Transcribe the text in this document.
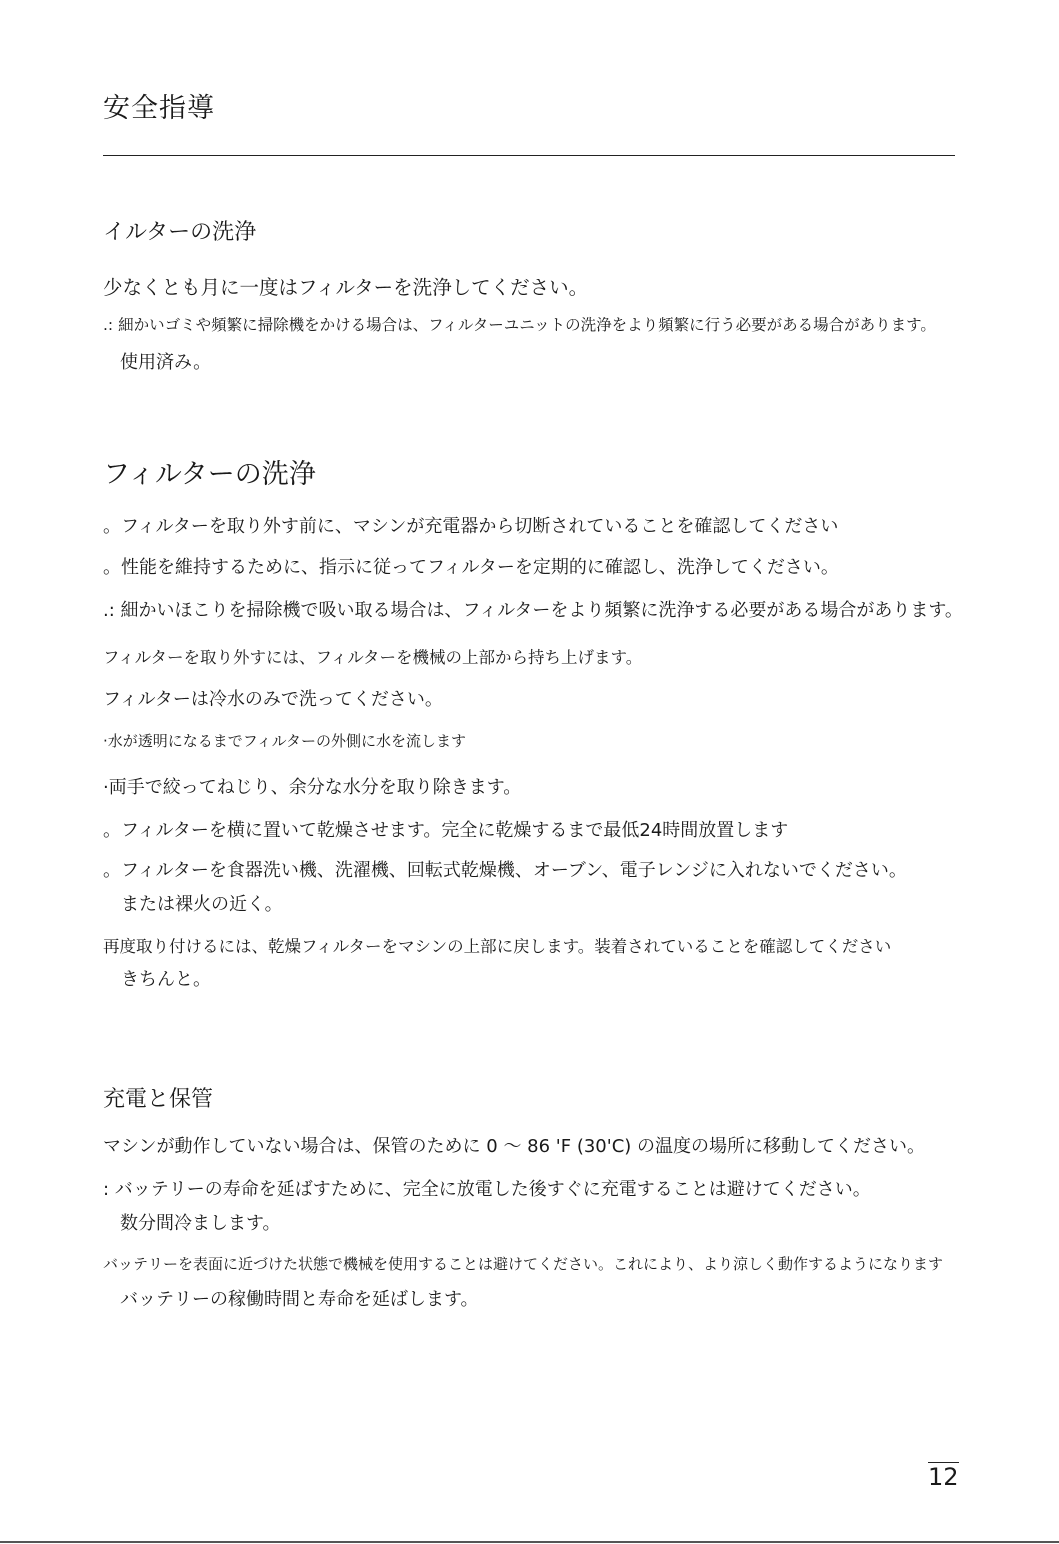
安全指導
イルターの洗浄
少なくとも月に一度はフィルターを洗浄してください。
.: 細かいゴミや頻繁に掃除機をかける場合は、フィルターユニットの洗浄をより頻繁に行う必要がある場合があります。
使用済み。
フィルターの洗浄
。フィルターを取り外す前に、マシンが充電器から切断されていることを確認してください
。性能を維持するために、指示に従ってフィルターを定期的に確認し、洗浄してください。
.: 細かいほこりを掃除機で吸い取る場合は、フィルターをより頻繁に洗浄する必要がある場合があります。
フィルターを取り外すには、フィルターを機械の上部から持ち上げます。
フィルターは冷水のみで洗ってください。
·水が透明になるまでフィルターの外側に水を流します
·両手で絞ってねじり、余分な水分を取り除きます。
。フィルターを横に置いて乾燥させます。完全に乾燥するまで最低24時間放置します
。フィルターを食器洗い機、洗濯機、回転式乾燥機、オーブン、電子レンジに入れないでください。
または裸火の近く。
再度取り付けるには、乾燥フィルターをマシンの上部に戻します。装着されていることを確認してください
きちんと。
充電と保管
マシンが動作していない場合は、保管のために 0 〜 86 'F (30'C) の温度の場所に移動してください。
: バッテリーの寿命を延ばすために、完全に放電した後すぐに充電することは避けてください。
数分間冷まします。
バッテリーを表面に近づけた状態で機械を使用することは避けてください。これにより、より涼しく動作するようになります
バッテリーの稼働時間と寿命を延ばします。
12
